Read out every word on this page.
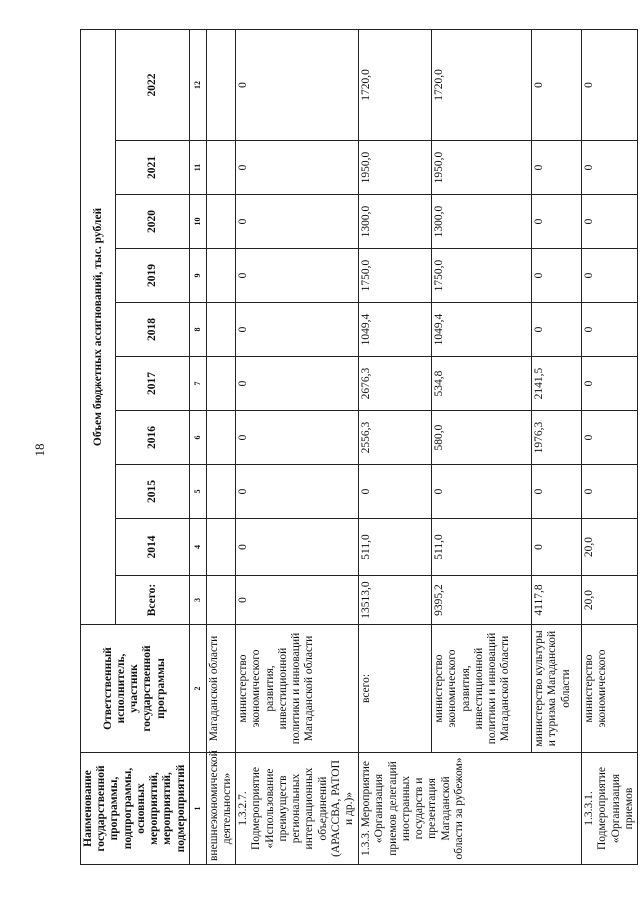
18
Наименование государственной программы, подпрограммы, основных мероприятий, мероприятий, подмероприятий	Ответственный исполнитель, участник государственной программы	Объем бюджетных ассигнований, тыс. рублей									
		Всего:	2014	2015	2016	2017	2018	2019	2020	2021	2022
1	2	3	4	5	6	7	8	9	10	11	12
внешнеэкономической деятельности»	Магаданской области										
1.3.2.7. Подмероприятие «Использование преимуществ региональных интеграционных объединений (АРАССВА, РАТОП и др.)»	министерство экономического развития, инвестиционной политики и инноваций Магаданской области	0	0	0	0	0	0	0	0	0	0
1.3.3. Мероприятие «Организация приемов делегаций иностранных государств и презентация Магаданской области за рубежом»	всего:	13513,0	511,0	0	2556,3	2676,3	1049,4	1750,0	1300,0	1950,0	1720,0
	министерство экономического развития, инвестиционной политики и инноваций Магаданской области	9395,2	511,0	0	580,0	534,8	1049,4	1750,0	1300,0	1950,0	1720,0
	министерство культуры и туризма Магаданской области	4117,8	0	0	1976,3	2141,5	0	0	0	0	0
1.3.3.1. Подмероприятие «Организация приемов	министерство экономического	20,0	20,0	0	0	0	0	0	0	0	0
